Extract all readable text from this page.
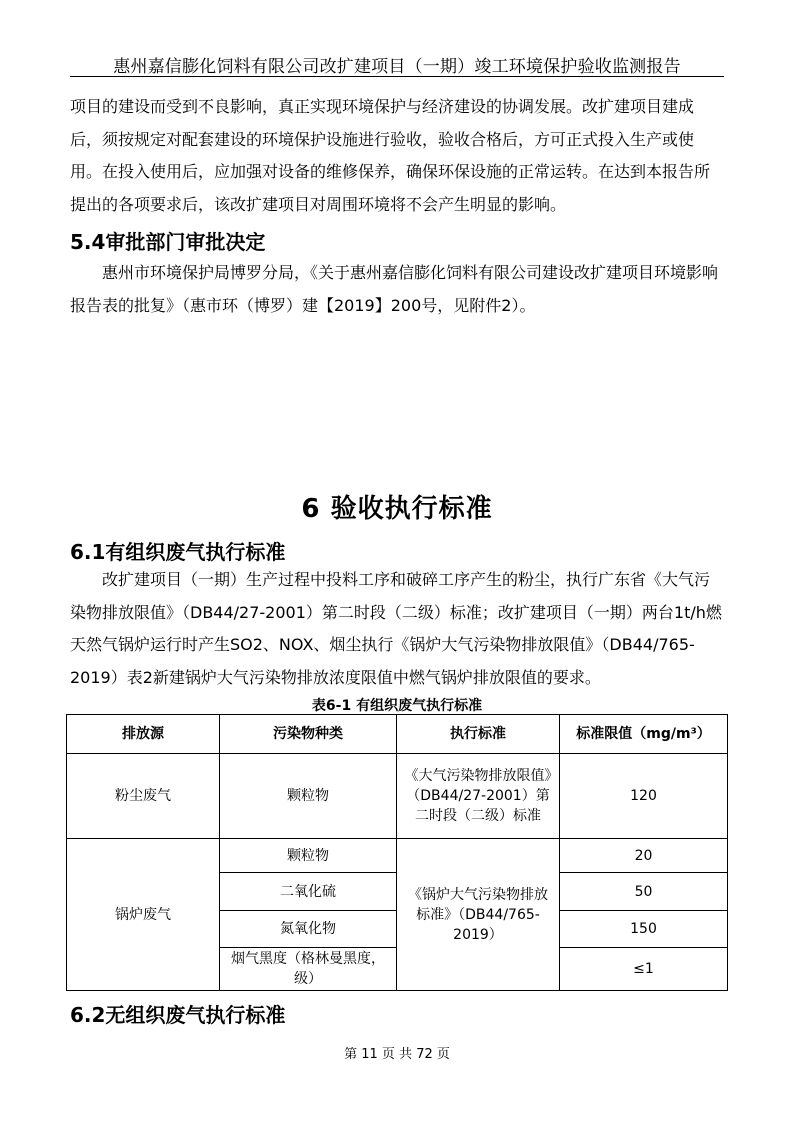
惠州嘉信膨化饲料有限公司改扩建项目（一期）竣工环境保护验收监测报告

项目的建设而受到不良影响，真正实现环境保护与经济建设的协调发展。改扩建项目建成后，须按规定对配套建设的环境保护设施进行验收，验收合格后，方可正式投入生产或使用。在投入使用后，应加强对设备的维修保养，确保环保设施的正常运转。在达到本报告所提出的各项要求后，该改扩建项目对周围环境将不会产生明显的影响。

5.4审批部门审批决定

惠州市环境保护局博罗分局，《关于惠州嘉信膨化饲料有限公司建设改扩建项目环境影响报告表的批复》（惠市环（博罗）建【2019】200号，见附件2）。

6 验收执行标准
6.1有组织废气执行标准

改扩建项目（一期）生产过程中投料工序和破碎工序产生的粉尘，执行广东省《大气污染物排放限值》（DB44/27-2001）第二时段（二级）标准；改扩建项目（一期）两台1t/h燃天然气锅炉运行时产生SO2、NOX、烟尘执行《锅炉大气污染物排放限值》（DB44/765-2019）表2新建锅炉大气污染物排放浓度限值中燃气锅炉排放限值的要求。

表6-1 有组织废气执行标准
排放源	污染物种类	执行标准	标准限值（mg/m³）
粉尘废气	颗粒物	《大气污染物排放限值》（DB44/27-2001）第二时段（二级）标准	120
锅炉废气	颗粒物	《锅炉大气污染物排放标准》（DB44/765-2019）	20
	二氧化硫		50
	氮氧化物		150
	烟气黑度（格林曼黑度，级）		≤1
6.2无组织废气执行标准
第 11 页 共 72 页
